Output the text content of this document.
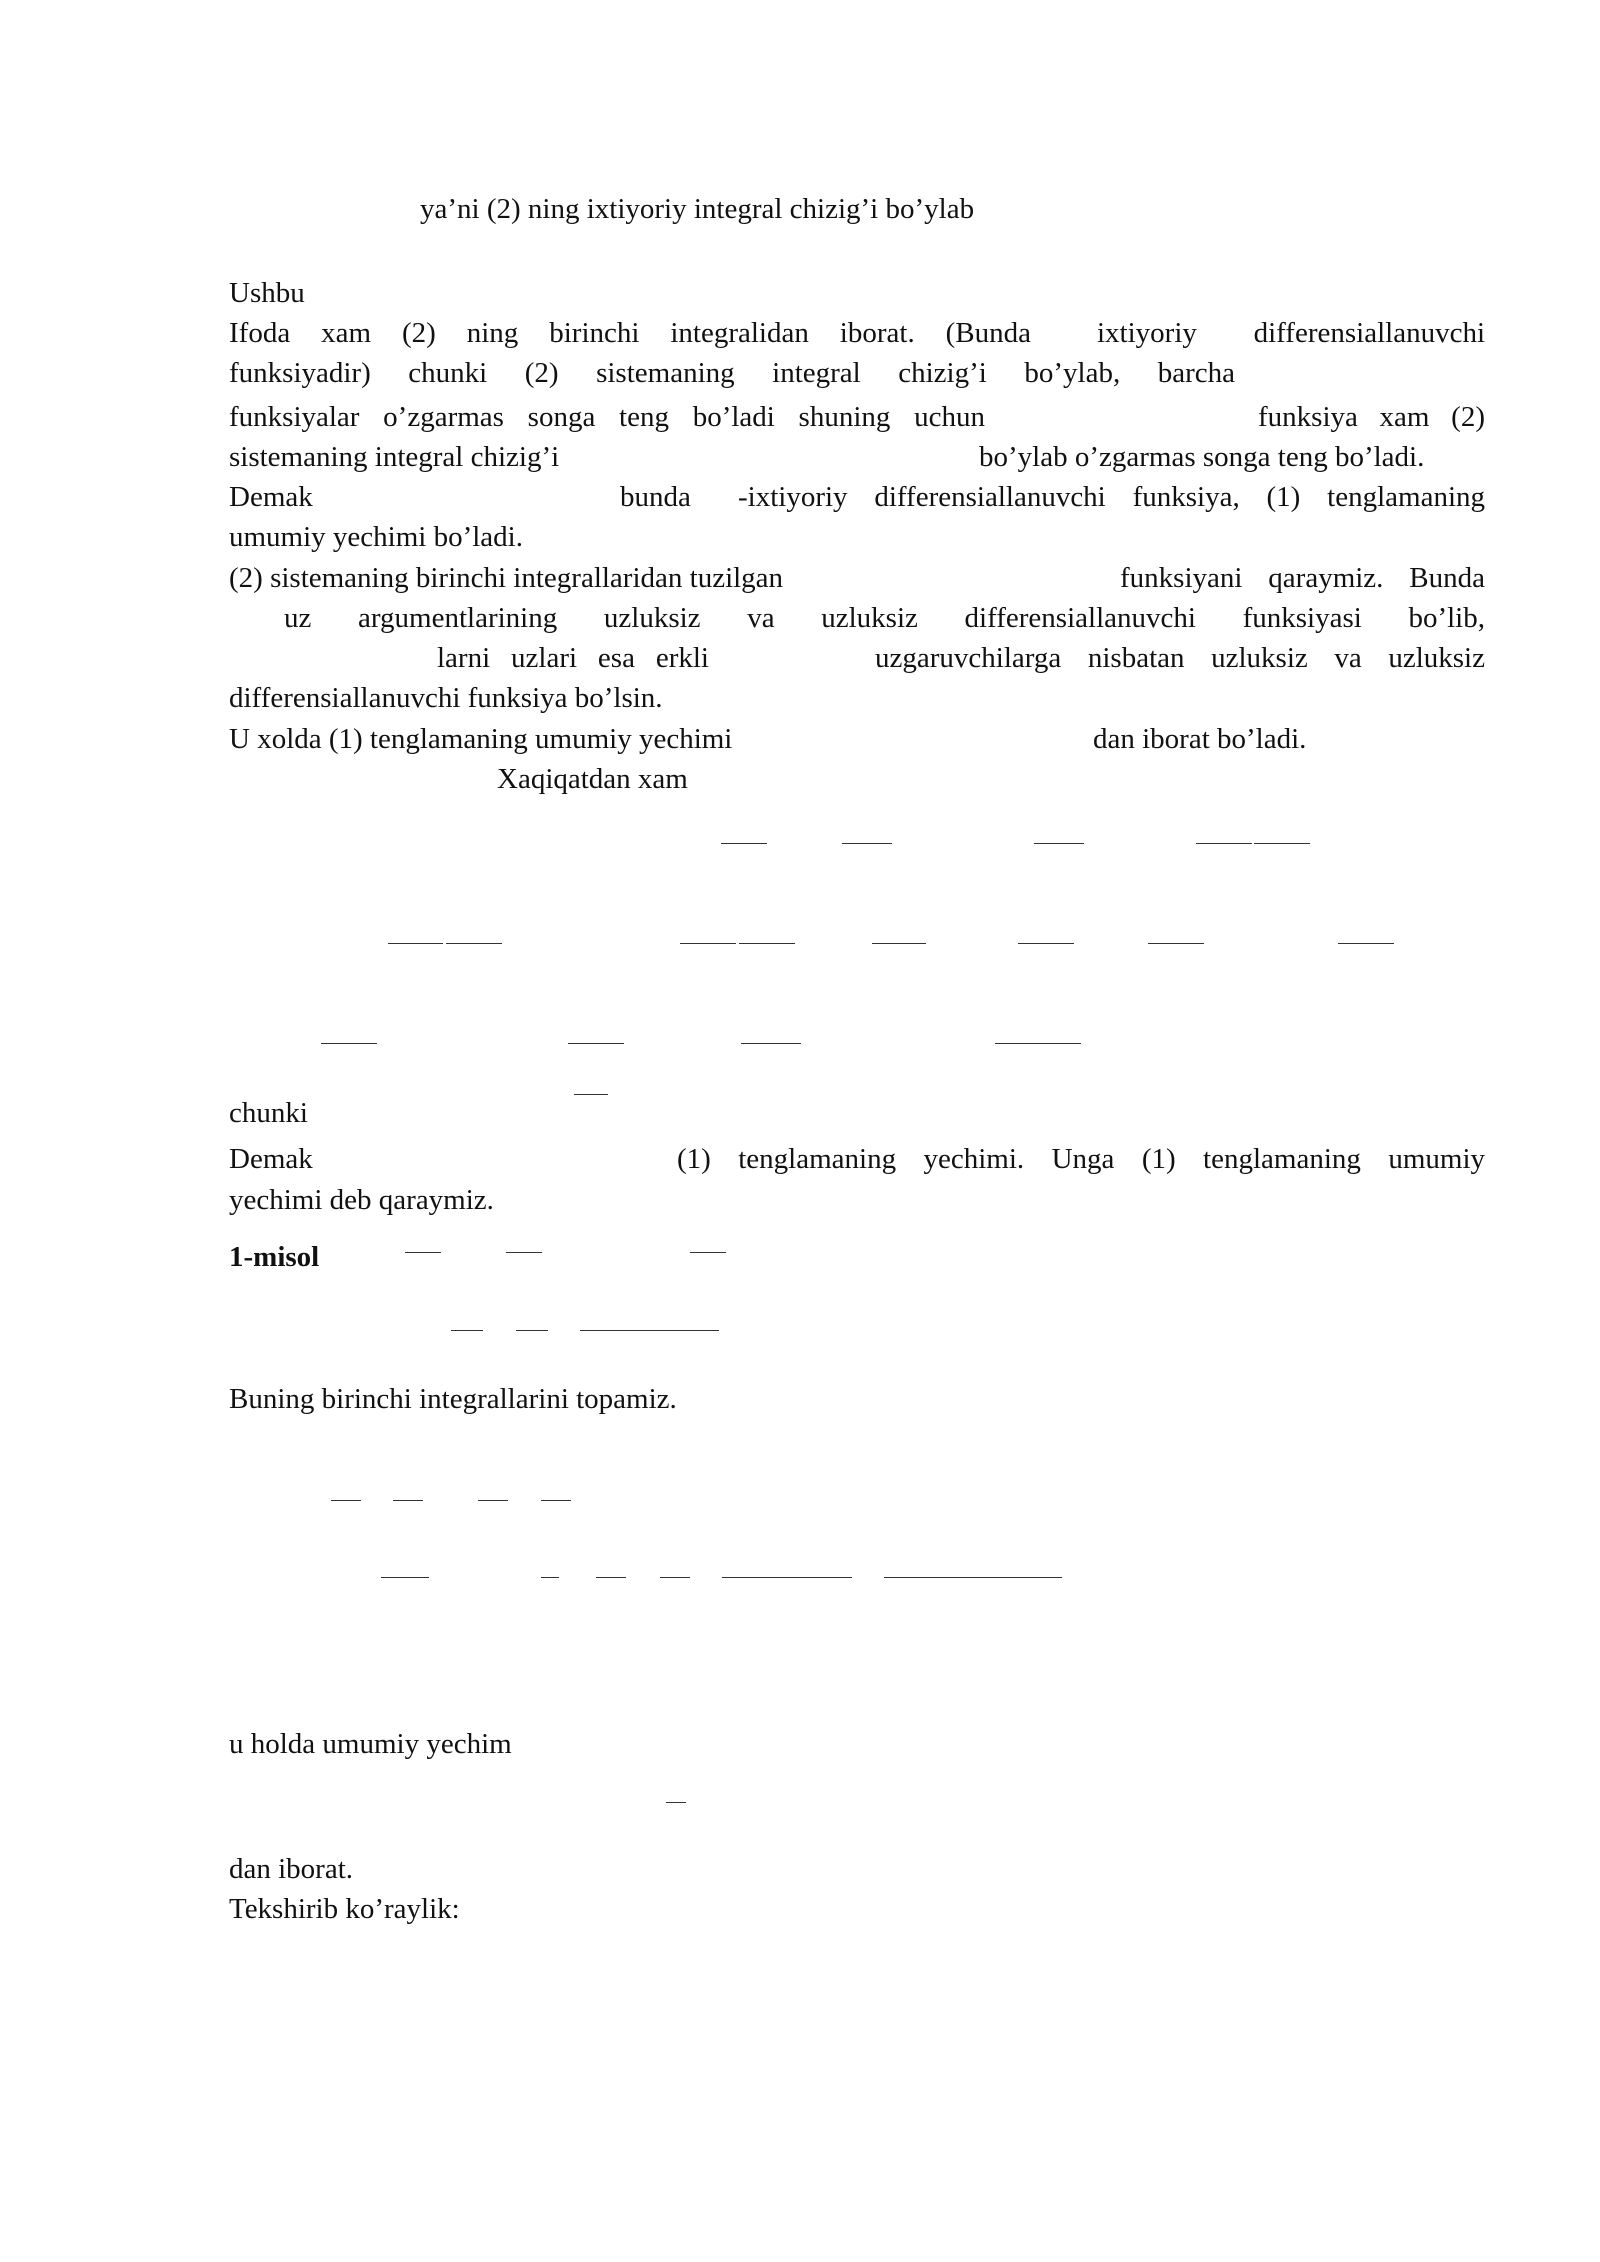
ya’ni (2) ning ixtiyoriy integral chizig’i bo’ylab
Ushbu
Ifoda xam (2) ning birinchi integralidan iborat. (Bunda ixtiyoriy differensiallanuvchi
funksiyadir) chunki (2) sistemaning integral chizig’i bo’ylab, barcha
funksiyalar o’zgarmas songa teng bo’ladi shuning uchun	funksiya xam (2)
sistemaning integral chizig’i	bo’ylab o’zgarmas songa teng bo’ladi.
Demak	bunda -ixtiyoriy differensiallanuvchi funksiya, (1) tenglamaning
umumiy yechimi bo’ladi.
(2) sistemaning birinchi integrallaridan tuzilgan	funksiyani qaraymiz. Bunda
uz argumentlarining uzluksiz va uzluksiz differensiallanuvchi funksiyasi bo’lib,
larni uzlari esa erkli	uzgaruvchilarga nisbatan uzluksiz va uzluksiz
differensiallanuvchi funksiya bo’lsin.
U xolda (1) tenglamaning umumiy yechimi	dan iborat bo’ladi.
Xaqiqatdan xam
chunki
Demak	(1) tenglamaning yechimi. Unga (1) tenglamaning umumiy
yechimi deb qaraymiz.
1-misol
Buning birinchi integrallarini topamiz.
u holda umumiy yechim
dan iborat.
Tekshirib ko’raylik:
